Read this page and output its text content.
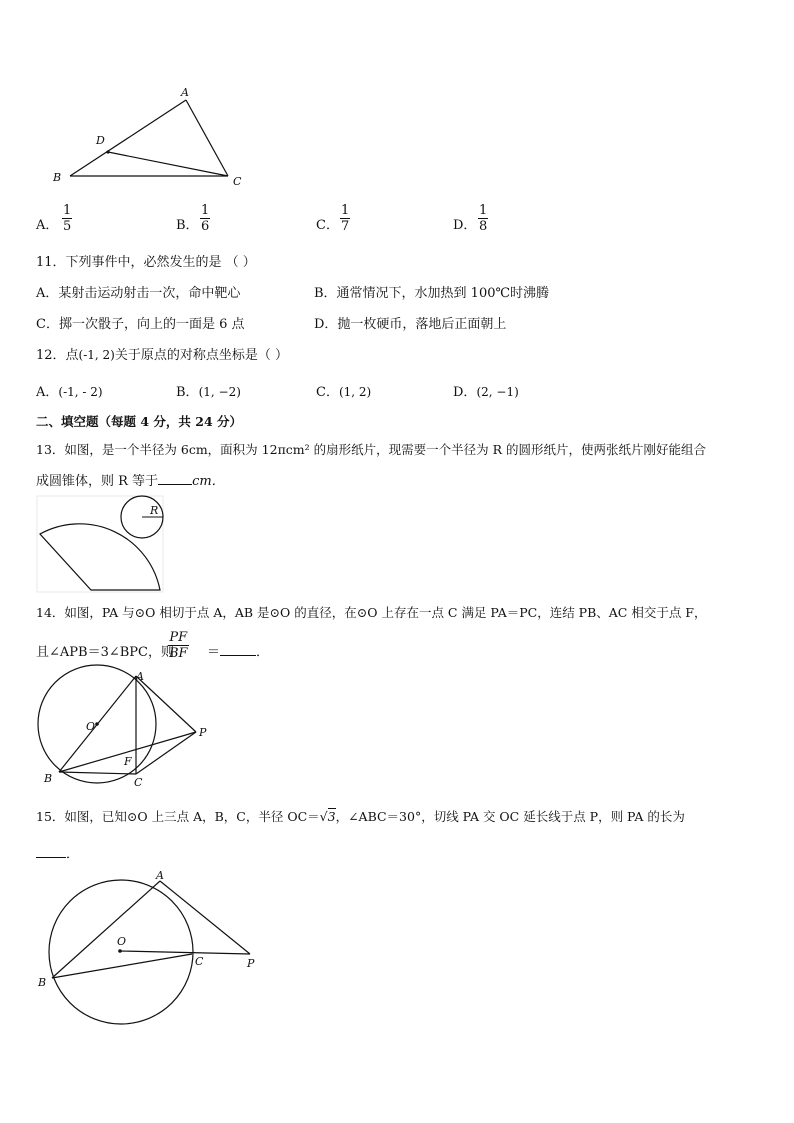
A
D
B	C
A． $\frac{1}{5}$	B． $\frac{1}{6}$	C． $\frac{1}{7}$	D． $\frac{1}{8}$
11．下列事件中，必然发生的是 （ ）
A．某射击运动射击一次，命中靶心	B．通常情况下，水加热到 100℃时沸腾
C．掷一次骰子，向上的一面是 6 点	D．抛一枚硬币，落地后正面朝上
12．点(-1, 2)关于原点的对称点坐标是（ ）
A．(-1, - 2)	B．(1, −2)	C．(1, 2)	D．(2, −1)
二、填空题（每题 4 分，共 24 分）
13．如图，是一个半径为 6cm，面积为 12πcm² 的扇形纸片，现需要一个半径为 R 的圆形纸片，使两张纸片刚好能组合
成圆锥体，则 R 等于	cm．
R
14．如图，PA 与⊙O 相切于点 A，AB 是⊙O 的直径，在⊙O 上存在一点 C 满足 PA＝PC，连结 PB、AC 相交于点 F，
且∠APB＝3∠BPC，则
$\frac{PF}{BF}$ ＝	．
A
O	P
F
B	C
15．如图，已知⊙O 上三点 A，B，C，半径 OC＝√3，∠ABC＝30°，切线 PA 交 OC 延长线于点 P，则 PA 的长为
．
A
O
C	P
B
